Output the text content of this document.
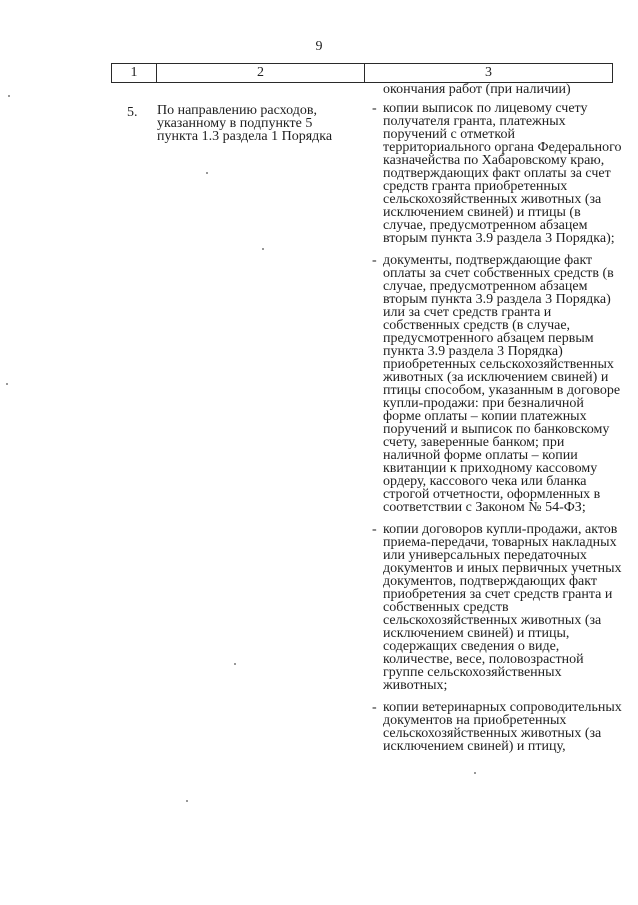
9
1	2	3
окончания работ (при наличии)
5. По направлению расходов, указанному в подпункте 5 пункта 1.3 раздела 1 Порядка
- копии выписок по лицевому счету получателя гранта, платежных поручений с отметкой территориального органа Федерального казначейства по Хабаровскому краю, подтверждающих факт оплаты за счет средств гранта приобретенных сельскохозяйственных животных (за исключением свиней) и птицы (в случае, предусмотренном абзацем вторым пункта 3.9 раздела 3 Порядка);
- документы, подтверждающие факт оплаты за счет собственных средств (в случае, предусмотренном абзацем вторым пункта 3.9 раздела 3 Порядка) или за счет средств гранта и собственных средств (в случае, предусмотренного абзацем первым пункта 3.9 раздела 3 Порядка) приобретенных сельскохозяйственных животных (за исключением свиней) и птицы способом, указанным в договоре купли-продажи: при безналичной форме оплаты – копии платежных поручений и выписок по банковскому счету, заверенные банком; при наличной форме оплаты – копии квитанции к приходному кассовому ордеру, кассового чека или бланка строгой отчетности, оформленных в соответствии с Законом № 54-ФЗ;
- копии договоров купли-продажи, актов приема-передачи, товарных накладных или универсальных передаточных документов и иных первичных учетных документов, подтверждающих факт приобретения за счет средств гранта и собственных средств сельскохозяйственных животных (за исключением свиней) и птицы, содержащих сведения о виде, количестве, весе, половозрастной группе сельскохозяйственных животных;
- копии ветеринарных сопроводительных документов на приобретенных сельскохозяйственных животных (за исключением свиней) и птицу,
